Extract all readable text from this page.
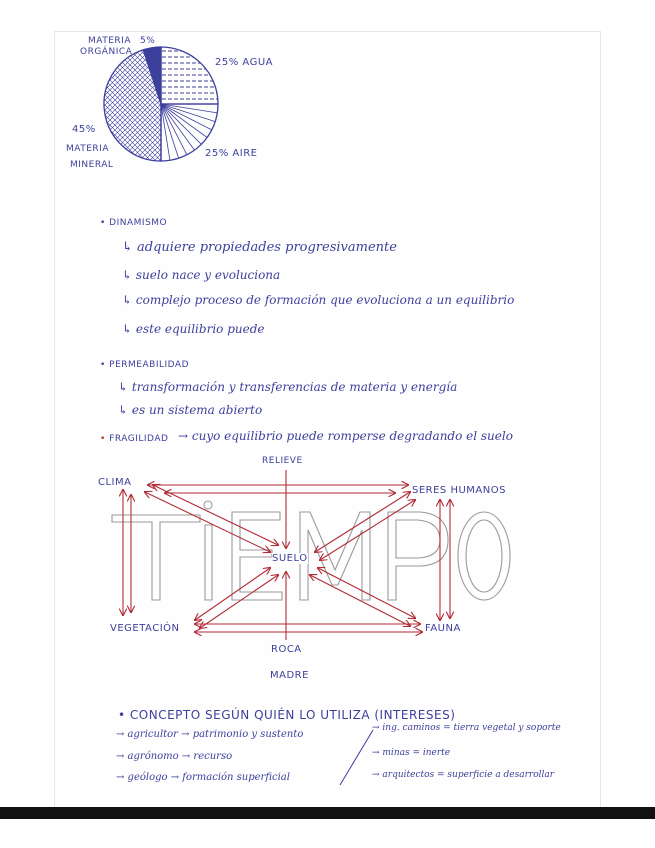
MATERIA
ORGÁNICA
5%
25% AGUA
45%
MATERIA
MINERAL
25% AIRE
• DINAMISMO
↳ adquiere propiedades progresivamente
↳ suelo nace y evoluciona
↳ complejo proceso de formación que evoluciona a un equilibrio
↳ este equilibrio puede
• PERMEABILIDAD
↳ transformación y transferencias de materia y energía
↳ es un sistema abierto
• FRAGILIDAD → cuyo equilibrio puede romperse degradando el suelo
RELIEVE
CLIMA
SERES HUMANOS
SUELO
VEGETACIÓN	FAUNA
ROCA
MADRE
• CONCEPTO SEGÚN QUIÉN LO UTILIZA (INTERESES)
→ agricultor → patrimonio y sustento
→ agrónomo → recurso
→ geólogo → formación superficial
→ ing. caminos = tierra vegetal y soporte
→ minas = inerte
→ arquitectos = superficie a desarrollar
